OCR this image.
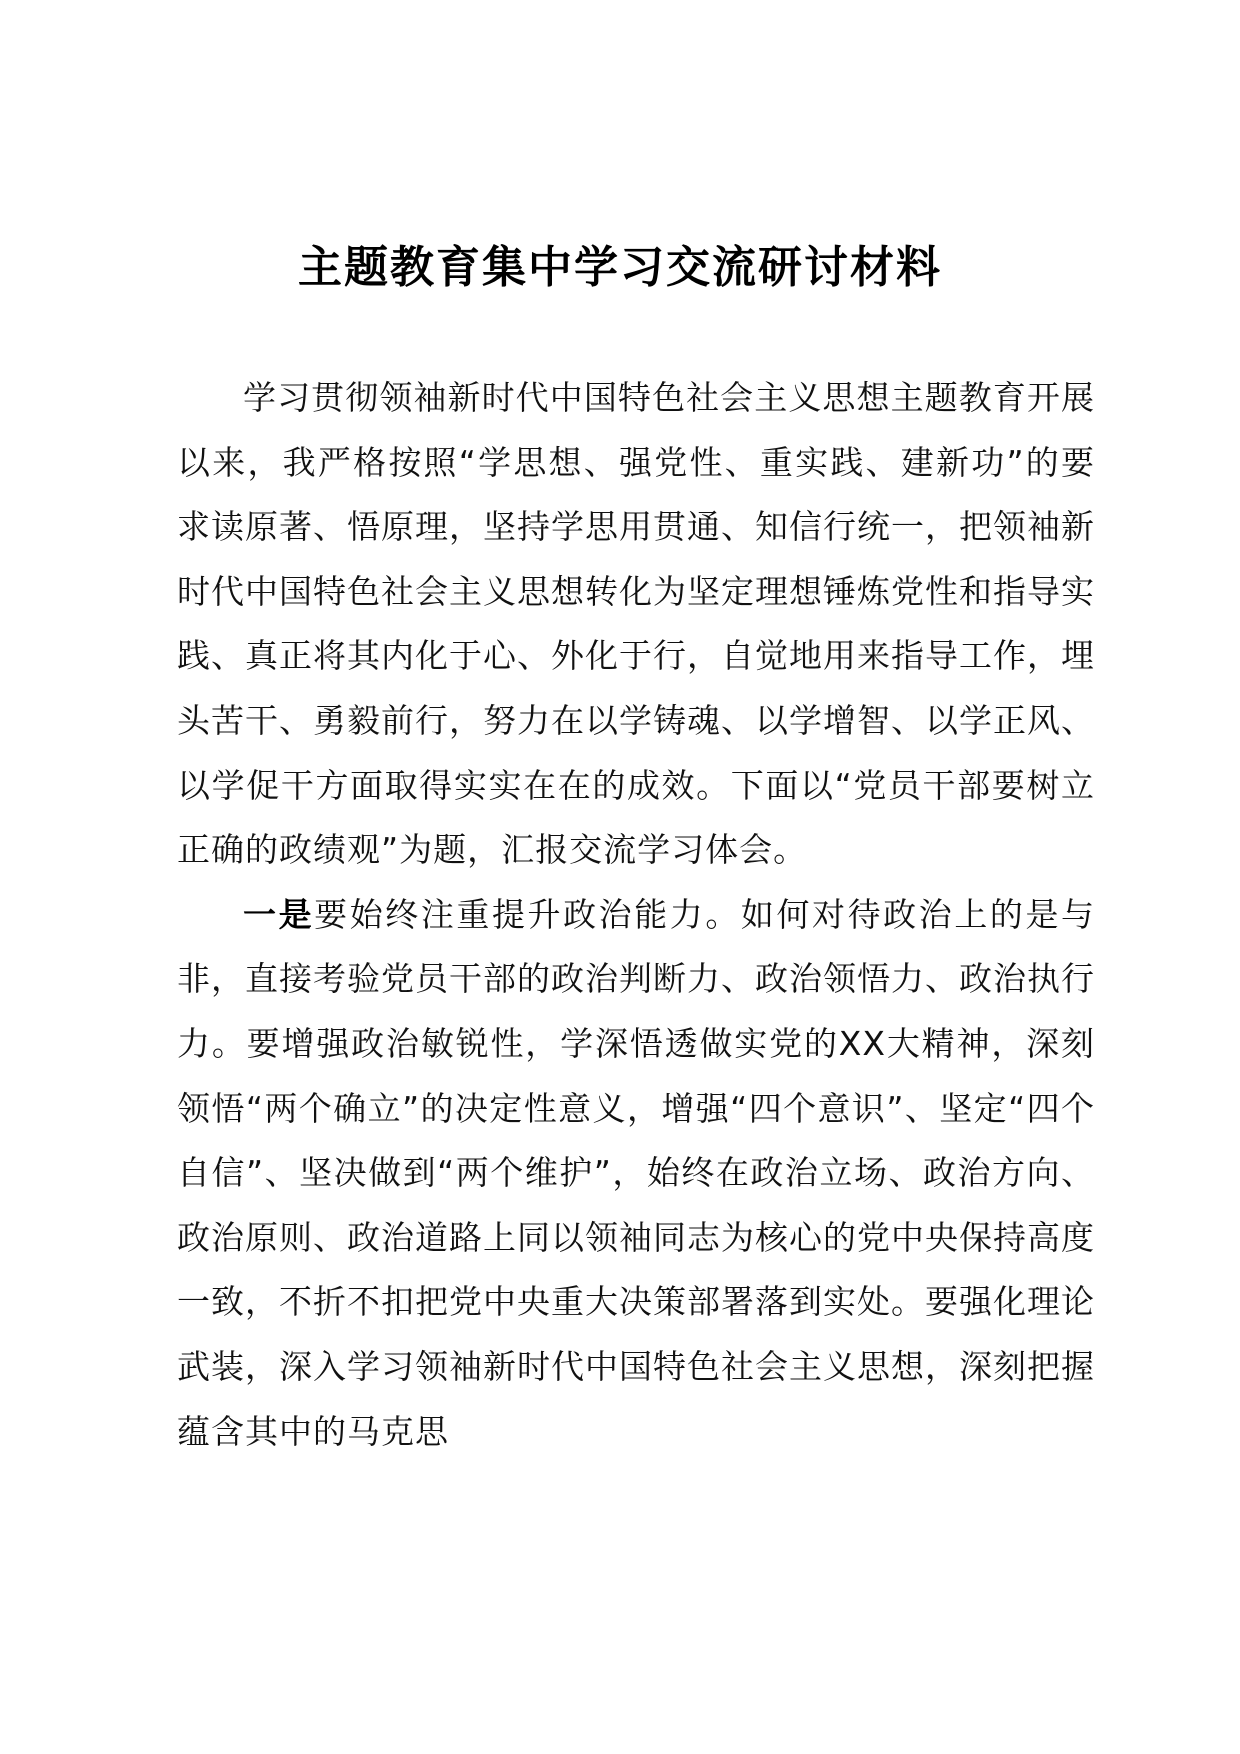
主题教育集中学习交流研讨材料

学习贯彻领袖新时代中国特色社会主义思想主题教育开展以来，我严格按照“学思想、强党性、重实践、建新功”的要求读原著、悟原理，坚持学思用贯通、知信行统一，把领袖新时代中国特色社会主义思想转化为坚定理想锤炼党性和指导实践、真正将其内化于心、外化于行，自觉地用来指导工作，埋头苦干、勇毅前行，努力在以学铸魂、以学增智、以学正风、以学促干方面取得实实在在的成效。下面以“党员干部要树立正确的政绩观”为题，汇报交流学习体会。

一是要始终注重提升政治能力。如何对待政治上的是与非，直接考验党员干部的政治判断力、政治领悟力、政治执行力。要增强政治敏锐性，学深悟透做实党的XX大精神，深刻领悟“两个确立”的决定性意义，增强“四个意识”、坚定“四个自信”、坚决做到“两个维护”，始终在政治立场、政治方向、政治原则、政治道路上同以领袖同志为核心的党中央保持高度一致，不折不扣把党中央重大决策部署落到实处。要强化理论武装，深入学习领袖新时代中国特色社会主义思想，深刻把握蕴含其中的马克思
